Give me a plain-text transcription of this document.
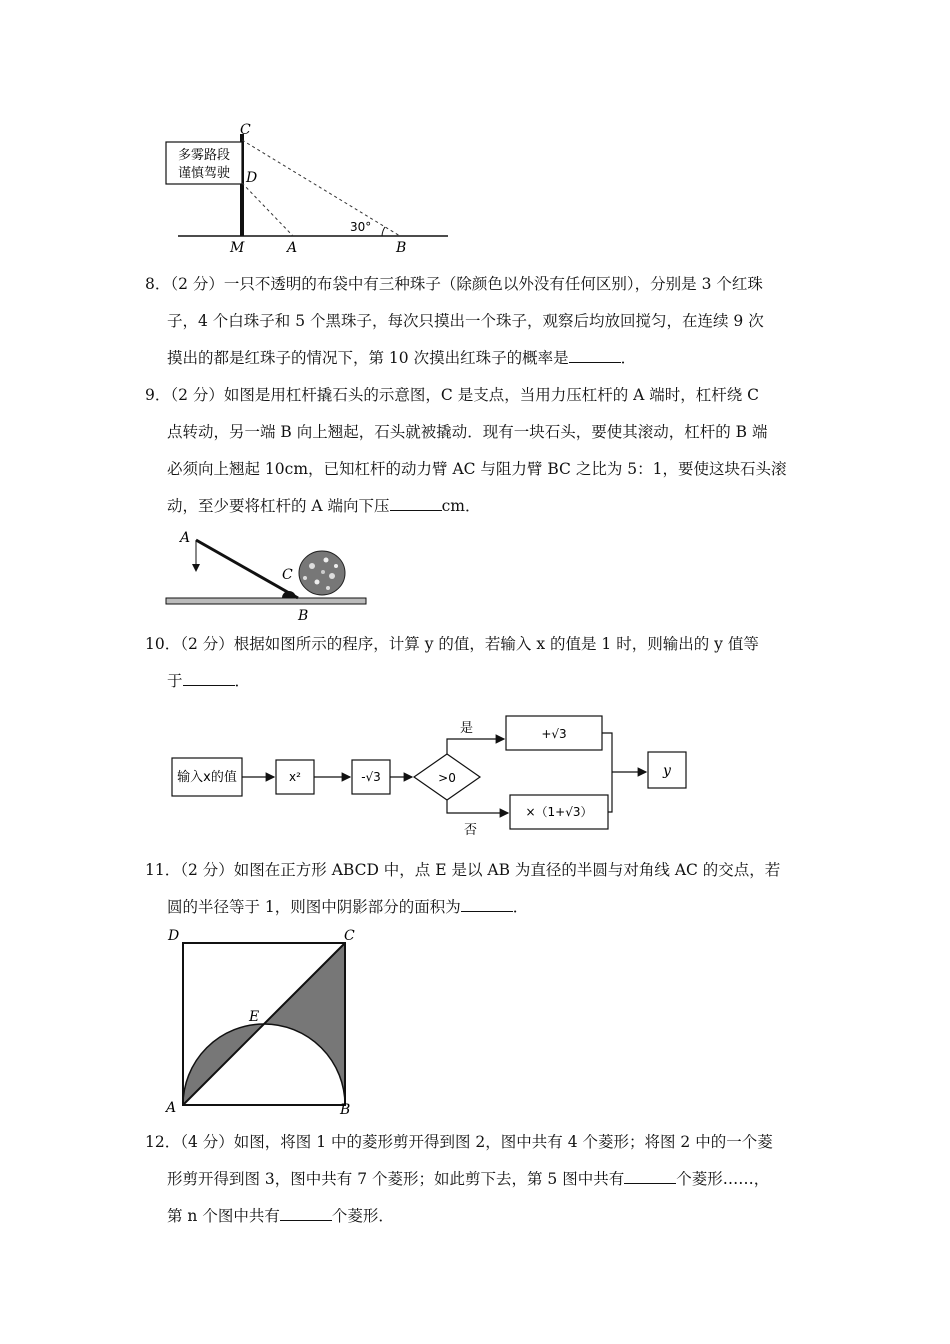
多雾路段
谨慎驾驶
C
D
M	A	B
30°

8．（2 分）一只不透明的布袋中有三种珠子（除颜色以外没有任何区别），分别是 3 个红珠

子，4 个白珠子和 5 个黑珠子，每次只摸出一个珠子，观察后均放回搅匀，在连续 9 次

摸出的都是红珠子的情况下，第 10 次摸出红珠子的概率是	．

9．（2 分）如图是用杠杆撬石头的示意图，C 是支点，当用力压杠杆的 A 端时，杠杆绕 C

点转动，另一端 B 向上翘起，石头就被撬动．现有一块石头，要使其滚动，杠杆的 B 端

必须向上翘起 10cm，已知杠杆的动力臂 AC 与阻力臂 BC 之比为 5：1，要使这块石头滚

动，至少要将杠杆的 A 端向下压	cm．

A
C
B

10．（2 分）根据如图所示的程序，计算 y 的值，若输入 x 的值是 1 时，则输出的 y 值等

于	．

输入x的值	x²	-√3	>0
是
否
+√3
×（1+√3）
y

11．（2 分）如图在正方形 ABCD 中，点 E 是以 AB 为直径的半圆与对角线 AC 的交点，若

圆的半径等于 1，则图中阴影部分的面积为	．

D	C
E
A	B

12．（4 分）如图，将图 1 中的菱形剪开得到图 2，图中共有 4 个菱形；将图 2 中的一个菱

形剪开得到图 3，图中共有 7 个菱形；如此剪下去，第 5 图中共有	个菱形……，

第 n 个图中共有	个菱形．
